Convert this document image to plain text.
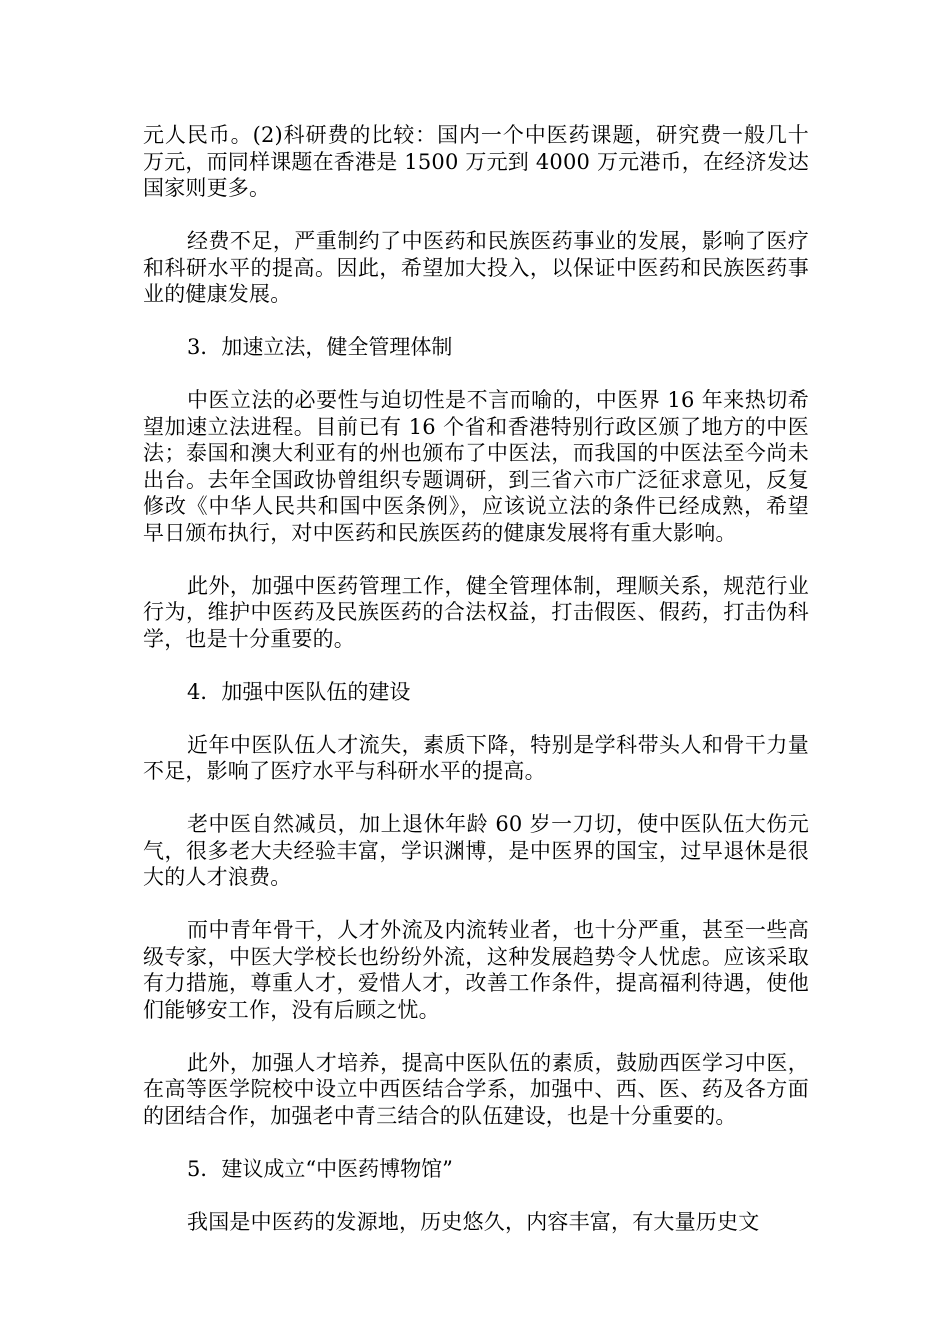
元人民币。(2)科研费的比较：国内一个中医药课题，研究费一般几十万元，而同样课题在香港是 1500 万元到 4000 万元港币，在经济发达国家则更多。

经费不足，严重制约了中医药和民族医药事业的发展，影响了医疗和科研水平的提高。因此，希望加大投入，以保证中医药和民族医药事业的健康发展。

3．加速立法，健全管理体制

中医立法的必要性与迫切性是不言而喻的，中医界 16 年来热切希望加速立法进程。目前已有 16 个省和香港特别行政区颁了地方的中医法；泰国和澳大利亚有的州也颁布了中医法，而我国的中医法至今尚未出台。去年全国政协曾组织专题调研，到三省六市广泛征求意见，反复修改《中华人民共和国中医条例》，应该说立法的条件已经成熟，希望早日颁布执行，对中医药和民族医药的健康发展将有重大影响。

此外，加强中医药管理工作，健全管理体制，理顺关系，规范行业行为，维护中医药及民族医药的合法权益，打击假医、假药，打击伪科学，也是十分重要的。

4．加强中医队伍的建设

近年中医队伍人才流失，素质下降，特别是学科带头人和骨干力量不足，影响了医疗水平与科研水平的提高。

老中医自然减员，加上退休年龄 60 岁一刀切，使中医队伍大伤元气，很多老大夫经验丰富，学识渊博，是中医界的国宝，过早退休是很大的人才浪费。

而中青年骨干，人才外流及内流转业者，也十分严重，甚至一些高级专家，中医大学校长也纷纷外流，这种发展趋势令人忧虑。应该采取有力措施，尊重人才，爱惜人才，改善工作条件，提高福利待遇，使他们能够安工作，没有后顾之忧。

此外，加强人才培养，提高中医队伍的素质，鼓励西医学习中医，在高等医学院校中设立中西医结合学系，加强中、西、医、药及各方面的团结合作，加强老中青三结合的队伍建设，也是十分重要的。

5．建议成立“中医药博物馆”

我国是中医药的发源地，历史悠久，内容丰富，有大量历史文
